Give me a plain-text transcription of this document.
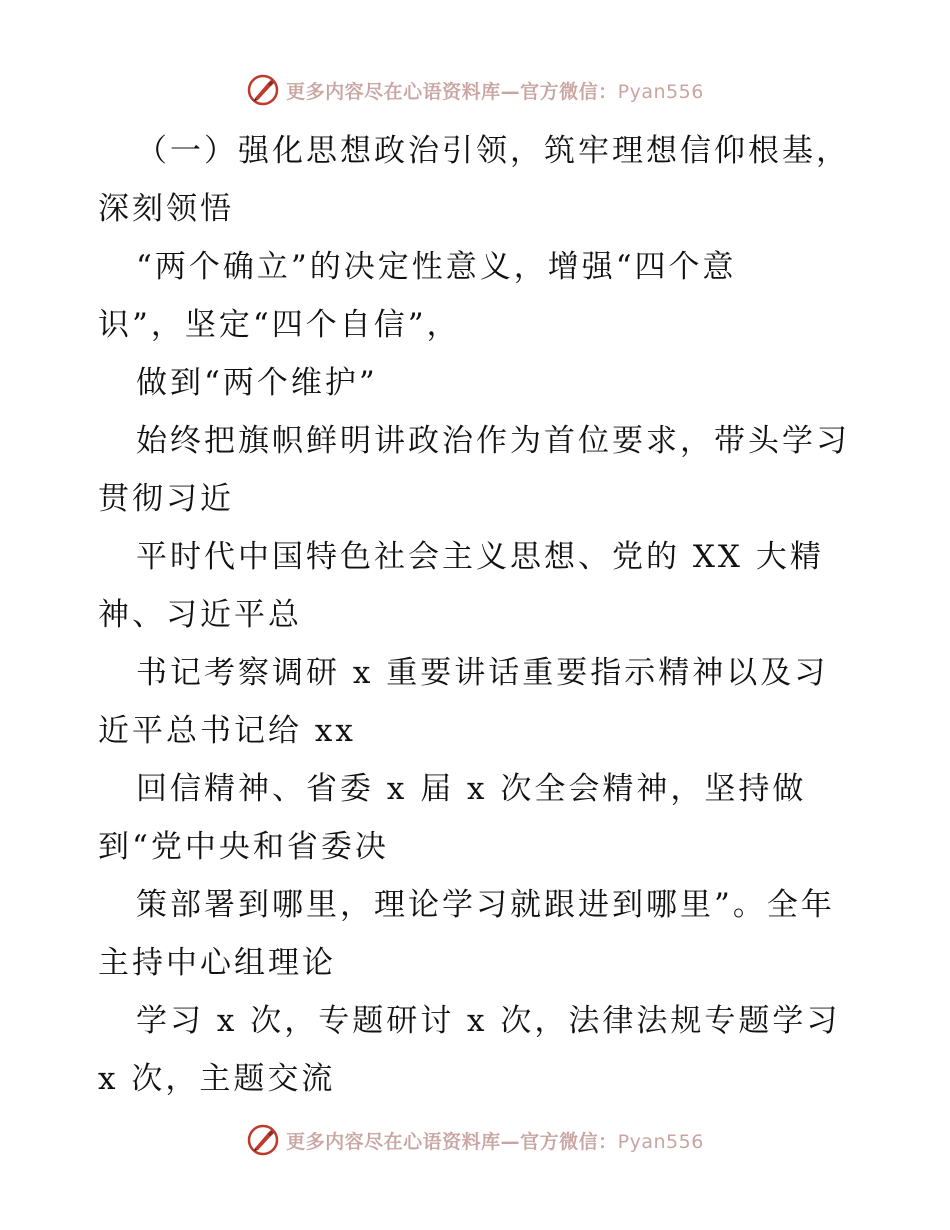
更多内容尽在心语资料库—官方微信：Pyan556
（一）强化思想政治引领，筑牢理想信仰根基，
深刻领悟
“两个确立”的决定性意义，增强“四个意
识”，坚定“四个自信”，
做到“两个维护”
始终把旗帜鲜明讲政治作为首位要求，带头学习
贯彻习近
平时代中国特色社会主义思想、党的 XX 大精
神、习近平总
书记考察调研 x 重要讲话重要指示精神以及习
近平总书记给 xx
回信精神、省委 x 届 x 次全会精神，坚持做
到“党中央和省委决
策部署到哪里，理论学习就跟进到哪里”。全年
主持中心组理论
学习 x 次，专题研讨 x 次，法律法规专题学习
x 次，主题交流
更多内容尽在心语资料库—官方微信：Pyan556
